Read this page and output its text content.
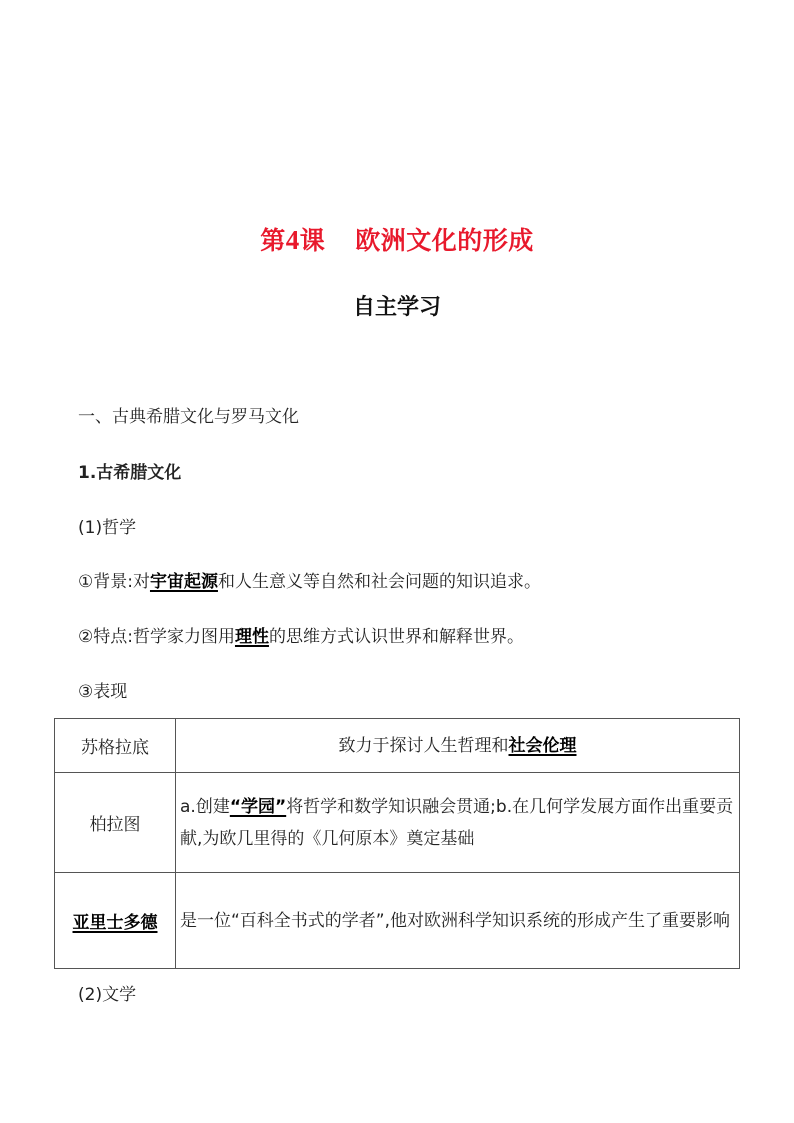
第4课 欧洲文化的形成
自主学习
一、古典希腊文化与罗马文化
1.古希腊文化
(1)哲学
①背景:对宇宙起源和人生意义等自然和社会问题的知识追求。
②特点:哲学家力图用理性的思维方式认识世界和解释世界。
③表现
苏格拉底	致力于探讨人生哲理和社会伦理
柏拉图	a.创建“学园”将哲学和数学知识融会贯通;b.在几何学发展方面作出重要贡献,为欧几里得的《几何原本》奠定基础
亚里士多德	是一位“百科全书式的学者”,他对欧洲科学知识系统的形成产生了重要影响
(2)文学
